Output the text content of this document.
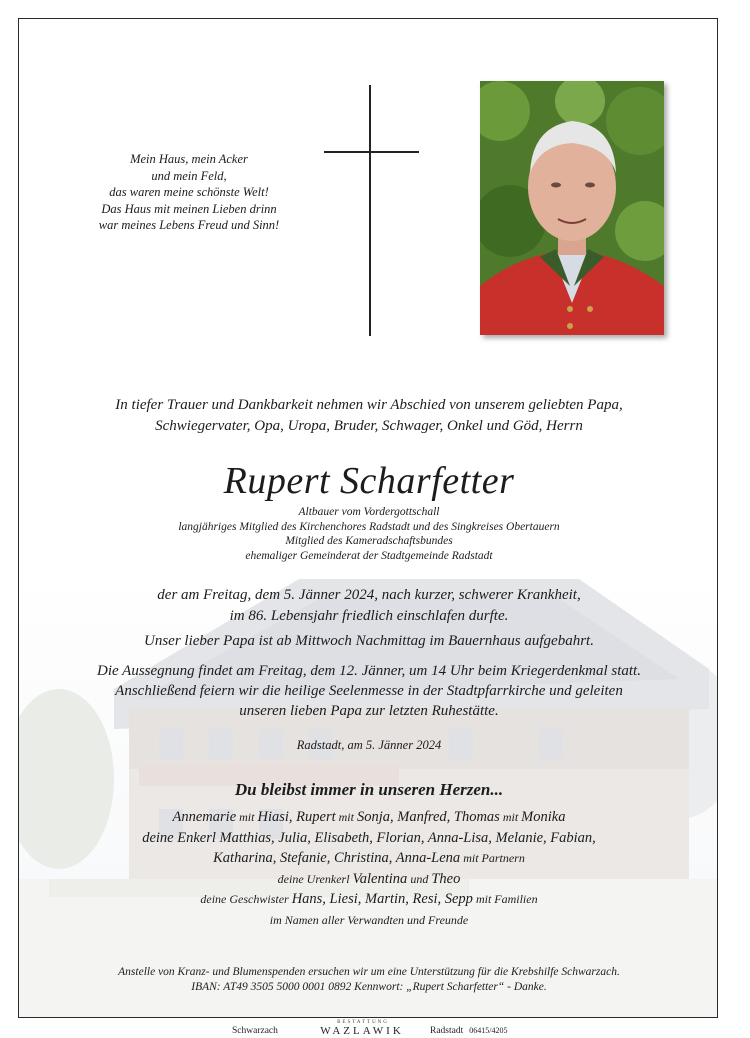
Mein Haus, mein Acker
und mein Feld,
das waren meine schönste Welt!
Das Haus mit meinen Lieben drinn
war meines Lebens Freud und Sinn!
In tiefer Trauer und Dankbarkeit nehmen wir Abschied von unserem geliebten Papa,
Schwiegervater, Opa, Uropa, Bruder, Schwager, Onkel und Göd, Herrn
Rupert Scharfetter
Altbauer vom Vordergottschall
langjähriges Mitglied des Kirchenchores Radstadt und des Singkreises Obertauern
Mitglied des Kameradschaftsbundes
ehemaliger Gemeinderat der Stadtgemeinde Radstadt
der am Freitag, dem 5. Jänner 2024, nach kurzer, schwerer Krankheit,
im 86. Lebensjahr friedlich einschlafen durfte.
Unser lieber Papa ist ab Mittwoch Nachmittag im Bauernhaus aufgebahrt.
Die Aussegnung findet am Freitag, dem 12. Jänner, um 14 Uhr beim Kriegerdenkmal statt.
Anschließend feiern wir die heilige Seelenmesse in der Stadtpfarrkirche und geleiten
unseren lieben Papa zur letzten Ruhestätte.
Radstadt, am 5. Jänner 2024
Du bleibst immer in unseren Herzen...
Annemarie mit Hiasi, Rupert mit Sonja, Manfred, Thomas mit Monika
deine Enkerl Matthias, Julia, Elisabeth, Florian, Anna-Lisa, Melanie, Fabian,
Katharina, Stefanie, Christina, Anna-Lena mit Partnern
deine Urenkerl Valentina und Theo
deine Geschwister Hans, Liesi, Martin, Resi, Sepp mit Familien
im Namen aller Verwandten und Freunde
Anstelle von Kranz- und Blumenspenden ersuchen wir um eine Unterstützung für die Krebshilfe Schwarzach.
IBAN: AT49 3505 5000 0001 0892 Kennwort: „Rupert Scharfetter“ - Danke.
Schwarzach
BESTATTUNG
WAZLAWIK	Radstadt 06415/4205
